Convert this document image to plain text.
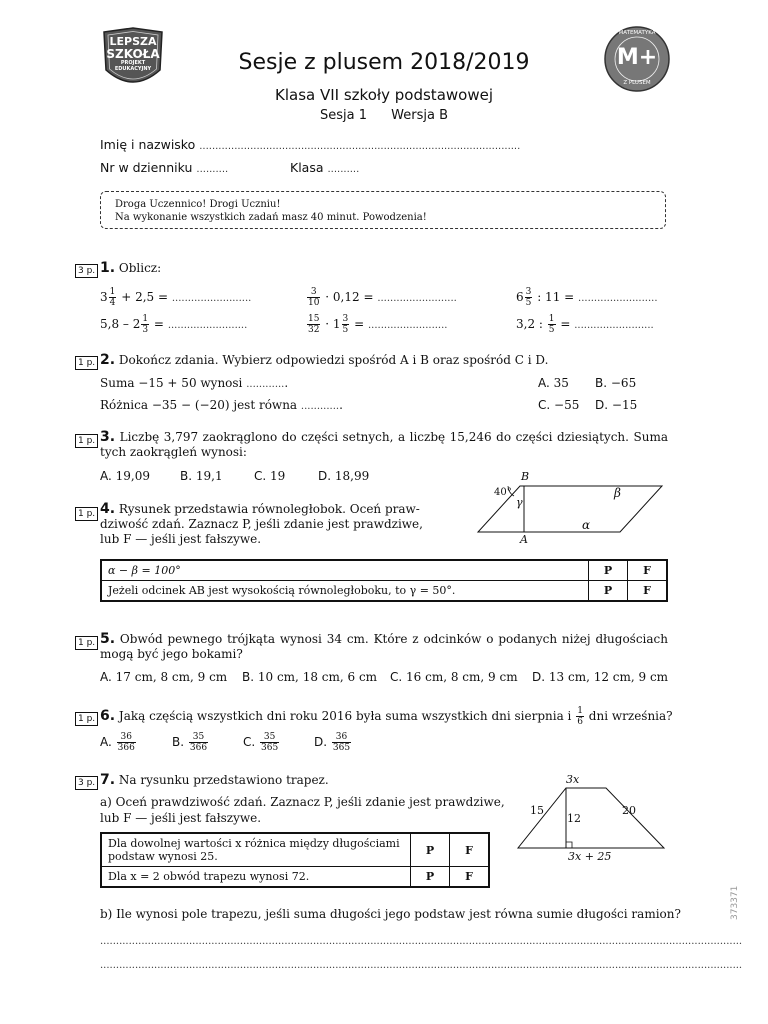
LEPSZA
SZKOŁA
PROJEKT
EDUKACYJNY
MATEMATYKA
M+
Z PLUSEM
Sesje z plusem 2018/2019
Klasa VII szkoły podstawowej
Sesja 1 Wersja B
Imię i nazwisko .....................................................................................................
Nr w dzienniku ..........	Klasa ..........
Droga Uczennico! Drogi Uczniu!
Na wykonanie wszystkich zadań masz 40 minut. Powodzenia!
3 p. 1. Oblicz:
$3 \frac{1}{4} + 2,5$ = .........................	$\frac{3}{10} \cdot 0,12$ = .........................	$6 \frac{3}{5}$ : 11 = .........................
$5,8 - 2 \frac{1}{3}$ = .........................	$\frac{15}{32} \cdot 1 \frac{3}{5}$ = .........................	3,2 : $\frac{1}{5}$ = .........................
1 p. 2. Dokończ zdania. Wybierz odpowiedzi spośród A i B oraz spośród C i D.
Suma −15 + 50 wynosi .............	A. 35 B. −65
Różnica −35 − (−20) jest równa .............	C. −55 D. −15
1 p. 3. Liczbę 3,797 zaokrąglono do części setnych, a liczbę 15,246 do części dziesiątych. Suma tych zaokrągleń wynosi:
A. 19,09	B. 19,1	C. 19	D. 18,99
1 p. 4. Rysunek przedstawia równoległobok. Oceń praw-
dziwość zdań. Zaznacz P, jeśli zdanie jest prawdziwe,
lub F — jeśli jest fałszywe.
B
A
40°
γ
β
α
α − β = 100°	P	F
Jeżeli odcinek AB jest wysokością równoległoboku, to γ = 50°.	P	F
1 p. 5. Obwód pewnego trójkąta wynosi 34 cm. Które z odcinków o podanych niżej długościach mogą być jego bokami?
A. 17 cm, 8 cm, 9 cm B. 10 cm, 18 cm, 6 cm C. 16 cm, 8 cm, 9 cm D. 13 cm, 12 cm, 9 cm
1 p. 6. Jaką częścią wszystkich dni roku 2016 była suma wszystkich dni sierpnia i $\frac{1}{6}$ dni września?
A. $\frac{36}{366}$	B. $\frac{35}{366}$	C. $\frac{35}{365}$	D. $\frac{36}{365}$
3 p. 7. Na rysunku przedstawiono trapez.
a) Oceń prawdziwość zdań. Zaznacz P, jeśli zdanie jest prawdziwe,
lub F — jeśli jest fałszywe.
3x
15	20
12
3x + 25
Dla dowolnej wartości x różnica między długościami
podstaw wynosi 25.	P	F
Dla x = 2 obwód trapezu wynosi 72.	P	F
b) Ile wynosi pole trapezu, jeśli suma długości jego podstaw jest równa sumie długości ramion?
..........................................................................................................................................................................................................
..........................................................................................................................................................................................................
373371
